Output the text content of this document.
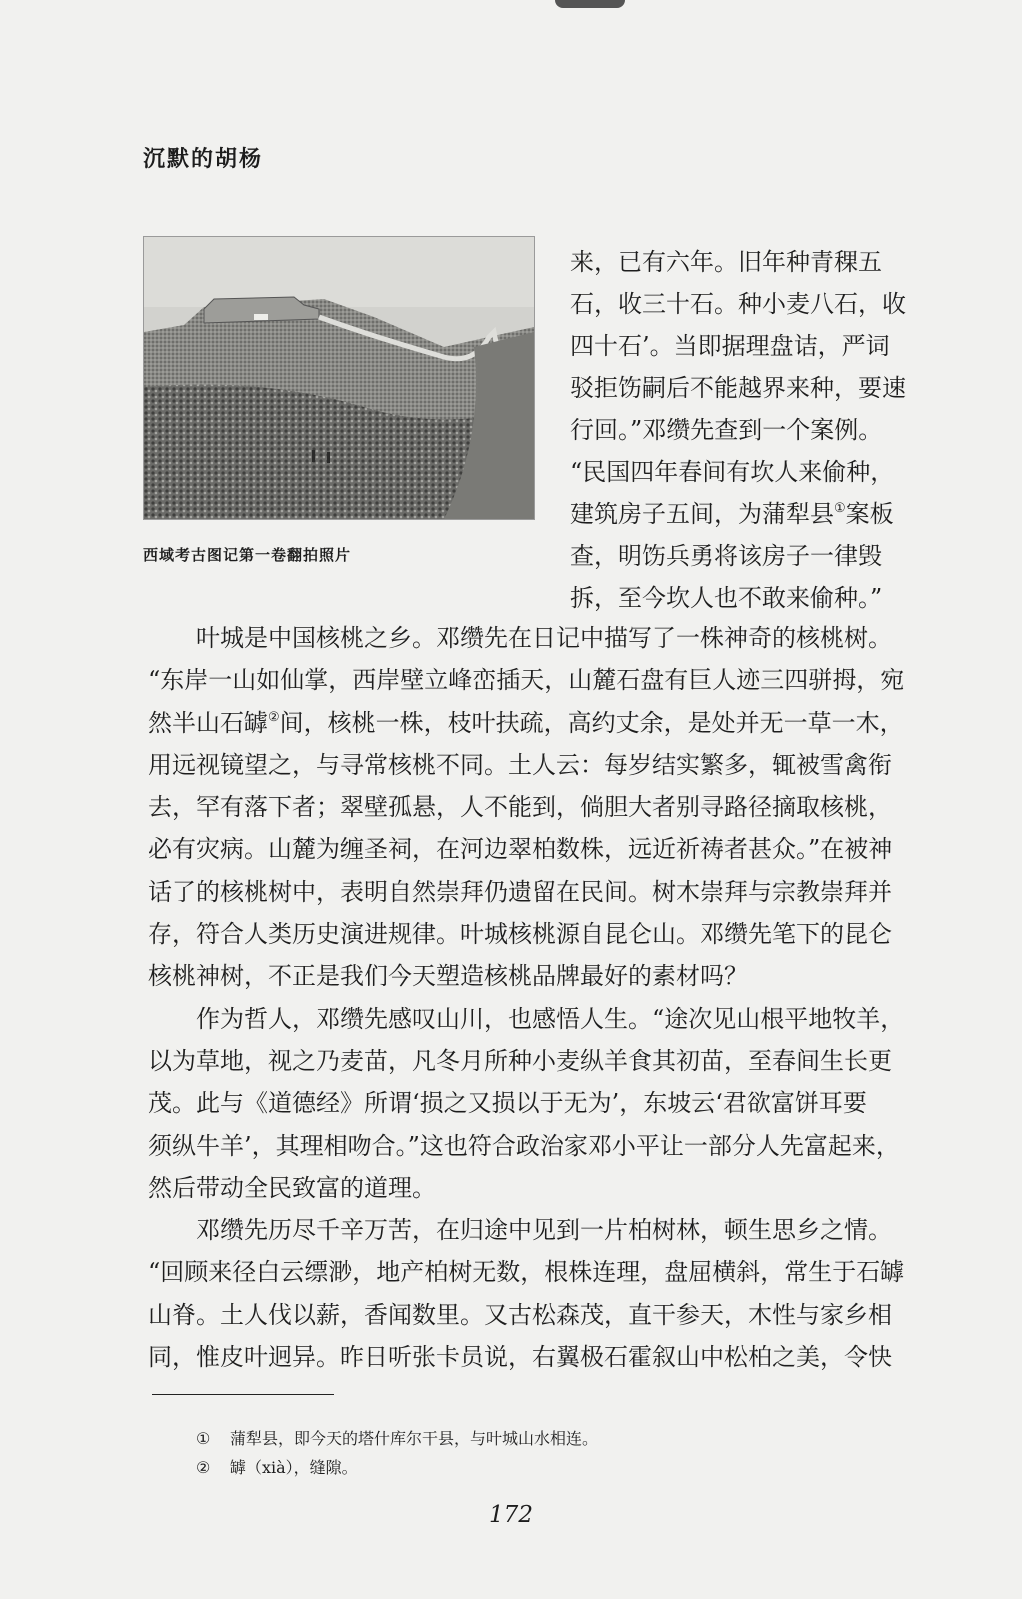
沉默的胡杨
西域考古图记第一卷翻拍照片

来，已有六年。旧年种青稞五

石，收三十石。种小麦八石，收

四十石’。当即据理盘诘，严词

驳拒饬嗣后不能越界来种，要速

行回。”邓缵先查到一个案例。

“民国四年春间有坎人来偷种，

建筑房子五间，为蒲犁县①案板

查，明饬兵勇将该房子一律毁

拆，至今坎人也不敢来偷种。”

叶城是中国核桃之乡。邓缵先在日记中描写了一株神奇的核桃树。

“东岸一山如仙掌，西岸壁立峰峦插天，山麓石盘有巨人迹三四骈拇，宛

然半山石罅②间，核桃一株，枝叶扶疏，高约丈余，是处并无一草一木，

用远视镜望之，与寻常核桃不同。土人云：每岁结实繁多，辄被雪禽衔

去，罕有落下者；翠壁孤悬，人不能到，倘胆大者别寻路径摘取核桃，

必有灾病。山麓为缠圣祠，在河边翠柏数株，远近祈祷者甚众。”在被神

话了的核桃树中，表明自然崇拜仍遗留在民间。树木崇拜与宗教崇拜并

存，符合人类历史演进规律。叶城核桃源自昆仑山。邓缵先笔下的昆仑

核桃神树，不正是我们今天塑造核桃品牌最好的素材吗？

作为哲人，邓缵先感叹山川，也感悟人生。“途次见山根平地牧羊，

以为草地，视之乃麦苗，凡冬月所种小麦纵羊食其初苗，至春间生长更

茂。此与《道德经》所谓‘损之又损以于无为’，东坡云‘君欲富饼耳要

须纵牛羊’，其理相吻合。”这也符合政治家邓小平让一部分人先富起来，

然后带动全民致富的道理。

邓缵先历尽千辛万苦，在归途中见到一片柏树林，顿生思乡之情。

“回顾来径白云缥渺，地产柏树无数，根株连理，盘屈横斜，常生于石罅

山脊。土人伐以薪，香闻数里。又古松森茂，直干参天，木性与家乡相

同，惟皮叶迥异。昨日听张卡员说，右翼极石霍叙山中松柏之美，令快

① 蒲犁县，即今天的塔什库尔干县，与叶城山水相连。

② 罅（xià），缝隙。

172
